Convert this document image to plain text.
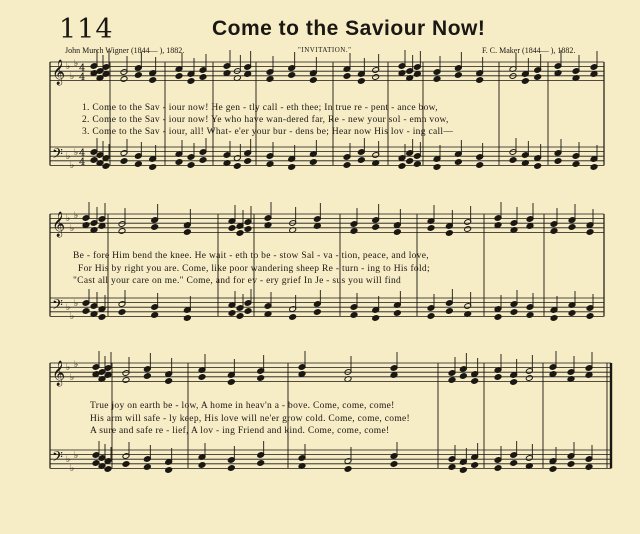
114	Come to the Saviour Now!
John Murch Wigner (1844— ), 1882.	"INVITATION."	F. C. Maker (1844— ), 1882.
𝄞
𝄢
♭
♭
♭
♭
♭
♭
4
4
4
4
𝄞
𝄢
♭
♭
♭
♭
♭
♭
𝄞
𝄢
♭
♭
♭
♭
♭
♭
1. Come to the Sav - iour now! He gen - tly call - eth thee; In true re - pent - ance bow,
2. Come to the Sav - iour now! Ye who have wan-dered far, Re - new your sol - emn vow,
3. Come to the Sav - iour, all! What- e'er your bur - dens be; Hear now His lov - ing call—
Be - fore Him bend the knee. He wait - eth to be - stow Sal - va - tion, peace, and love,
For His by right you are. Come, like poor wandering sheep Re - turn - ing to His fold;
"Cast all your care on me." Come, and for ev - ery grief In Je - sus you will find
True joy on earth be - low, A home in heav'n a - bove. Come, come, come!
His arm will safe - ly keep, His love will ne'er grow cold. Come, come, come!
A sure and safe re - lief, A lov - ing Friend and kind. Come, come, come!
